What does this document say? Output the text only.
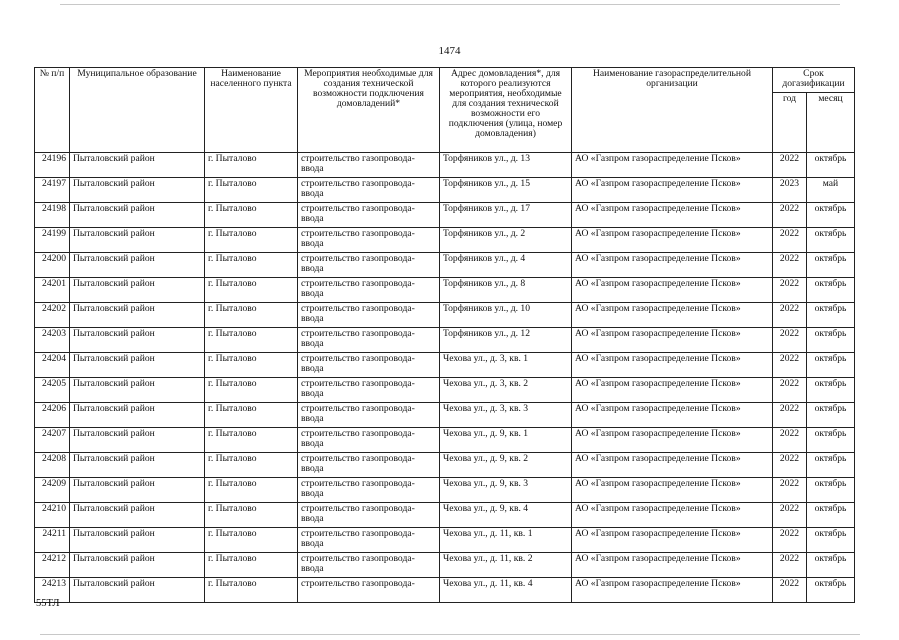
1474
№ п/п	Муниципальное образование	Наименование населенного пункта	Мероприятия необходимые для создания технической возможности подключения домовладений*	Адрес домовладения*, для которого реализуются мероприятия, необходимые для создания технической возможности его подключения (улица, номер домовладения)	Наименование газораспределительной организации	Срок догазификации	
						год	месяц
24196	Пыталовский район	г. Пыталово	строительство газопровода-ввода	Торфяников ул., д. 13	АО «Газпром газораспределение Псков»	2022	октябрь
24197	Пыталовский район	г. Пыталово	строительство газопровода-ввода	Торфяников ул., д. 15	АО «Газпром газораспределение Псков»	2023	май
24198	Пыталовский район	г. Пыталово	строительство газопровода-ввода	Торфяников ул., д. 17	АО «Газпром газораспределение Псков»	2022	октябрь
24199	Пыталовский район	г. Пыталово	строительство газопровода-ввода	Торфяников ул., д. 2	АО «Газпром газораспределение Псков»	2022	октябрь
24200	Пыталовский район	г. Пыталово	строительство газопровода-ввода	Торфяников ул., д. 4	АО «Газпром газораспределение Псков»	2022	октябрь
24201	Пыталовский район	г. Пыталово	строительство газопровода-ввода	Торфяников ул., д. 8	АО «Газпром газораспределение Псков»	2022	октябрь
24202	Пыталовский район	г. Пыталово	строительство газопровода-ввода	Торфяников ул., д. 10	АО «Газпром газораспределение Псков»	2022	октябрь
24203	Пыталовский район	г. Пыталово	строительство газопровода-ввода	Торфяников ул., д. 12	АО «Газпром газораспределение Псков»	2022	октябрь
24204	Пыталовский район	г. Пыталово	строительство газопровода-ввода	Чехова ул., д. 3, кв. 1	АО «Газпром газораспределение Псков»	2022	октябрь
24205	Пыталовский район	г. Пыталово	строительство газопровода-ввода	Чехова ул., д. 3, кв. 2	АО «Газпром газораспределение Псков»	2022	октябрь
24206	Пыталовский район	г. Пыталово	строительство газопровода-ввода	Чехова ул., д. 3, кв. 3	АО «Газпром газораспределение Псков»	2022	октябрь
24207	Пыталовский район	г. Пыталово	строительство газопровода-ввода	Чехова ул., д. 9, кв. 1	АО «Газпром газораспределение Псков»	2022	октябрь
24208	Пыталовский район	г. Пыталово	строительство газопровода-ввода	Чехова ул., д. 9, кв. 2	АО «Газпром газораспределение Псков»	2022	октябрь
24209	Пыталовский район	г. Пыталово	строительство газопровода-ввода	Чехова ул., д. 9, кв. 3	АО «Газпром газораспределение Псков»	2022	октябрь
24210	Пыталовский район	г. Пыталово	строительство газопровода-ввода	Чехова ул., д. 9, кв. 4	АО «Газпром газораспределение Псков»	2022	октябрь
24211	Пыталовский район	г. Пыталово	строительство газопровода-ввода	Чехова ул., д. 11, кв. 1	АО «Газпром газораспределение Псков»	2022	октябрь
24212	Пыталовский район	г. Пыталово	строительство газопровода-ввода	Чехова ул., д. 11, кв. 2	АО «Газпром газораспределение Псков»	2022	октябрь
24213	Пыталовский район	г. Пыталово	строительство газопровода-	Чехова ул., д. 11, кв. 4	АО «Газпром газораспределение Псков»	2022	октябрь
55ТЛ
